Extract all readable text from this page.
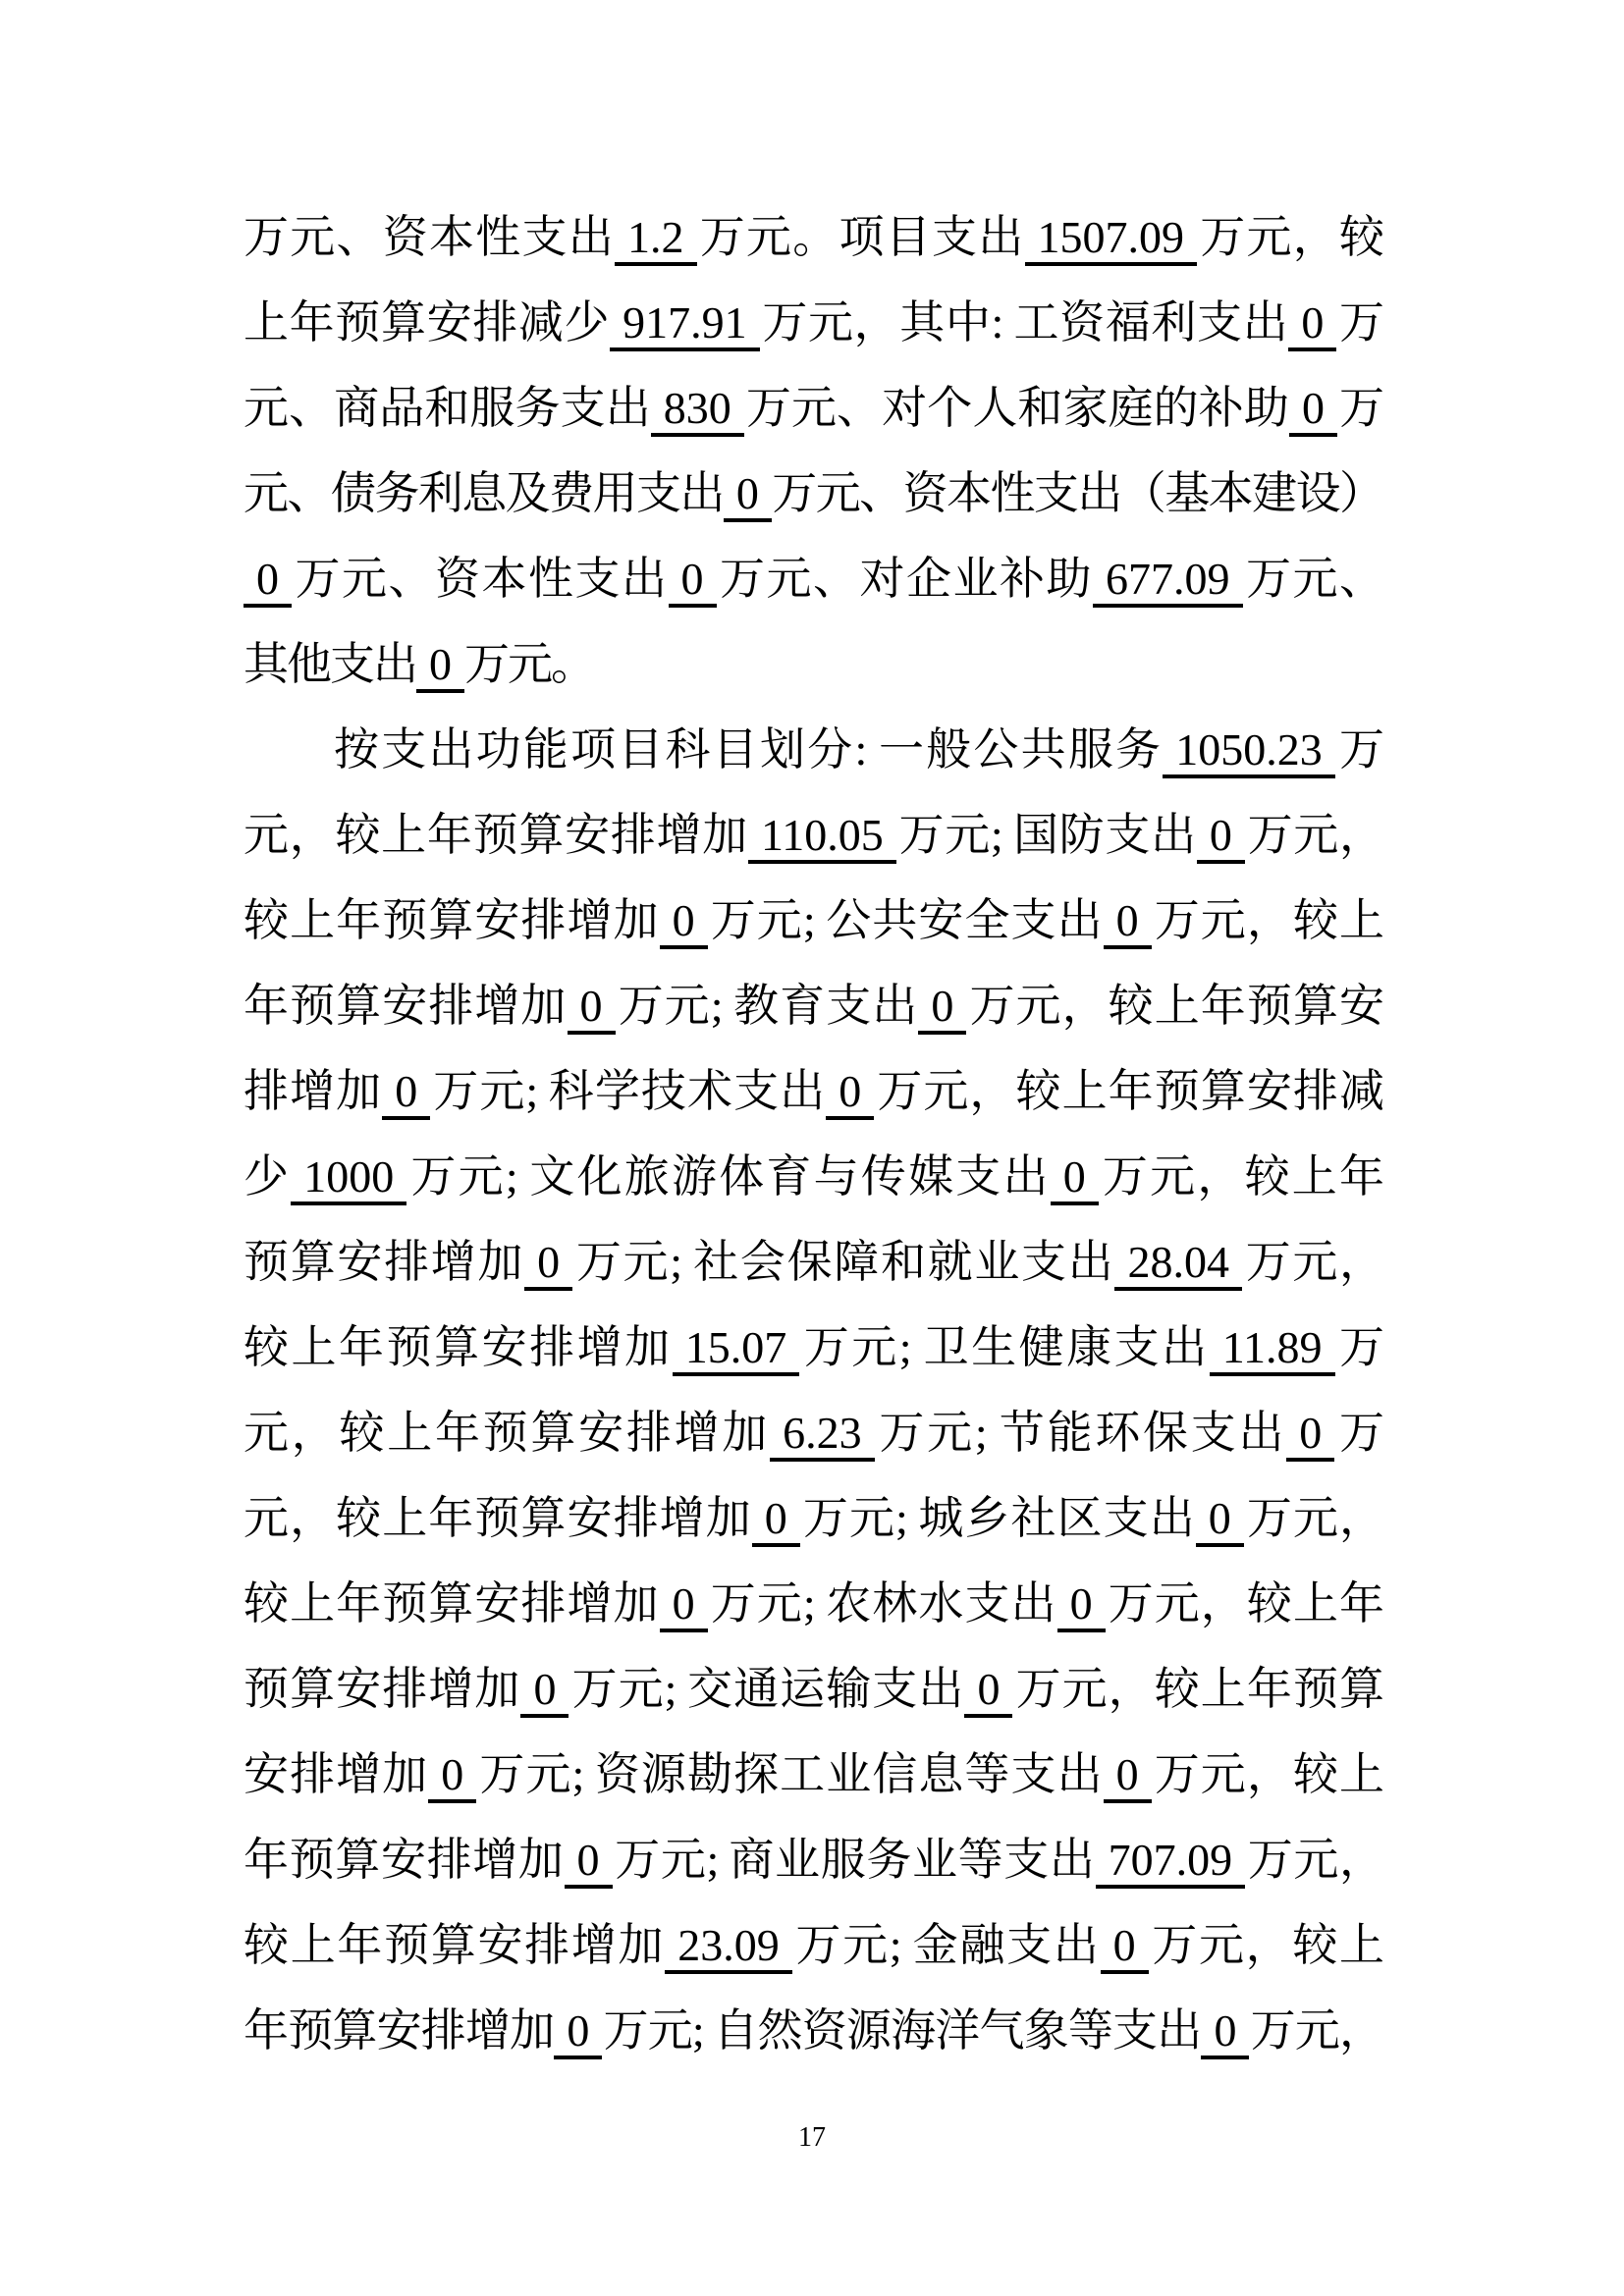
万元、资本性支出 1.2 万元。项目支出 1507.09 万元，较
上年预算安排减少 917.91 万元，其中: 工资福利支出 0 万
元、商品和服务支出 830 万元、对个人和家庭的补助 0 万
元、债务利息及费用支出 0 万元、资本性支出（基本建设）
0 万元、资本性支出 0 万元、对企业补助 677.09 万元、
其他支出 0 万元。
按支出功能项目科目划分: 一般公共服务 1050.23 万
元，较上年预算安排增加 110.05 万元; 国防支出 0 万元，
较上年预算安排增加 0 万元; 公共安全支出 0 万元，较上
年预算安排增加 0 万元; 教育支出 0 万元，较上年预算安
排增加 0 万元; 科学技术支出 0 万元，较上年预算安排减
少 1000 万元; 文化旅游体育与传媒支出 0 万元，较上年
预算安排增加 0 万元; 社会保障和就业支出 28.04 万元，
较上年预算安排增加 15.07 万元; 卫生健康支出 11.89 万
元，较上年预算安排增加 6.23 万元; 节能环保支出 0 万
元，较上年预算安排增加 0 万元; 城乡社区支出 0 万元，
较上年预算安排增加 0 万元; 农林水支出 0 万元，较上年
预算安排增加 0 万元; 交通运输支出 0 万元，较上年预算
安排增加 0 万元; 资源勘探工业信息等支出 0 万元，较上
年预算安排增加 0 万元; 商业服务业等支出 707.09 万元，
较上年预算安排增加 23.09 万元; 金融支出 0 万元，较上
年预算安排增加 0 万元; 自然资源海洋气象等支出 0 万元，
17
